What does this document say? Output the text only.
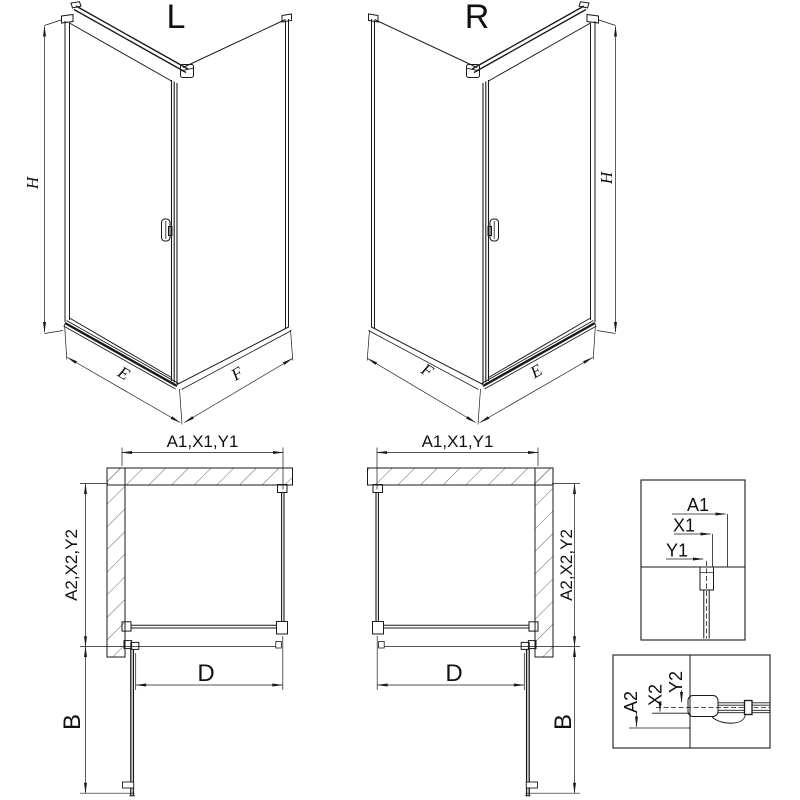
L
H
E	F
R
H
F	E
A1,X1,Y1
A2,X2,Y2
D
B
A1,X1,Y1
A2,X2,Y2
D
B
A1
X1
Y1
A2 X2
Y2
